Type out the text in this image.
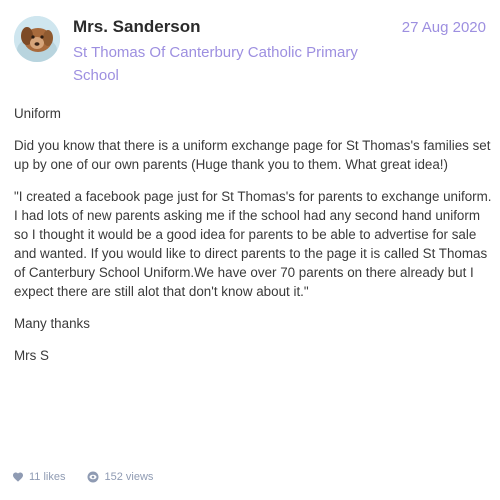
Mrs. Sanderson	27 Aug 2020
St Thomas Of Canterbury Catholic Primary School

Uniform

Did you know that there is a uniform exchange page for St Thomas's families set up by one of our own parents (Huge thank you to them. What great idea!)

"I created a facebook page just for St Thomas's for parents to exchange uniform. I had lots of new parents asking me if the school had any second hand uniform so I thought it would be a good idea for parents to be able to advertise for sale and wanted. If you would like to direct parents to the page it is called St Thomas of Canterbury School Uniform.We have over 70 parents on there already but I expect there are still alot that don't know about it."

Many thanks

Mrs S

11 likes	152 views
